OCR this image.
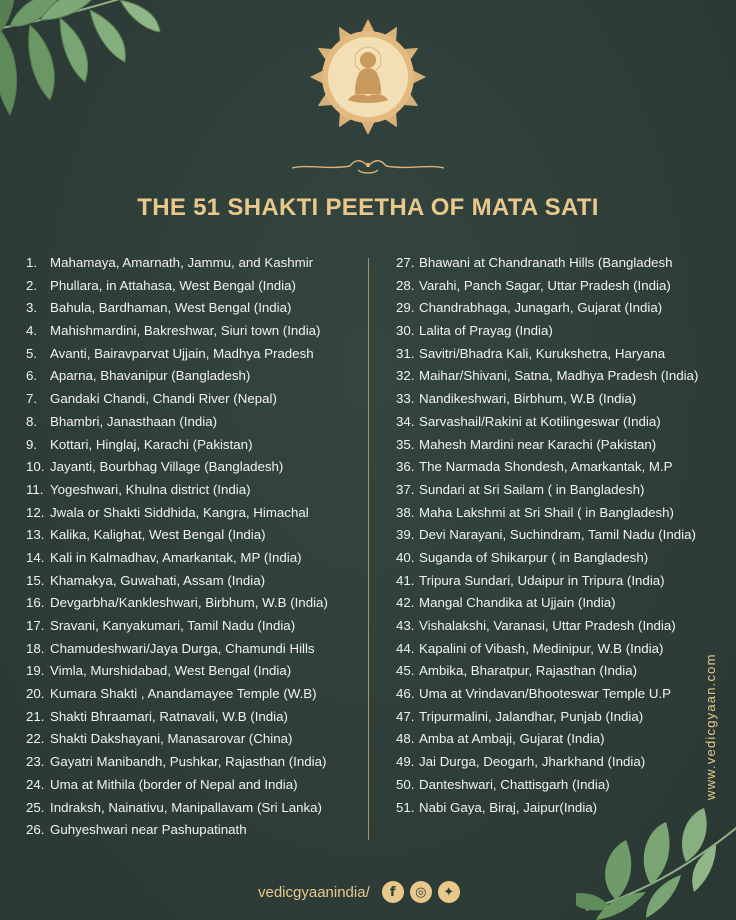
THE 51 SHAKTI PEETHA OF MATA SATI
1. Mahamaya, Amarnath, Jammu, and Kashmir
2. Phullara, in Attahasa, West Bengal (India)
3. Bahula, Bardhaman, West Bengal (India)
4. Mahishmardini, Bakreshwar, Siuri town (India)
5. Avanti, Bairavparvat Ujjain, Madhya Pradesh
6. Aparna, Bhavanipur (Bangladesh)
7. Gandaki Chandi, Chandi River (Nepal)
8. Bhambri, Janasthaan (India)
9. Kottari, Hinglaj, Karachi (Pakistan)
10. Jayanti, Bourbhag Village (Bangladesh)
11. Yogeshwari, Khulna district (India)
12. Jwala or Shakti Siddhida, Kangra, Himachal
13. Kalika, Kalighat, West Bengal (India)
14. Kali in Kalmadhav, Amarkantak, MP (India)
15. Khamakya, Guwahati, Assam (India)
16. Devgarbha/Kankleshwari, Birbhum, W.B (India)
17. Sravani, Kanyakumari, Tamil Nadu (India)
18. Chamudeshwari/Jaya Durga, Chamundi Hills
19. Vimla, Murshidabad, West Bengal (India)
20. Kumara Shakti , Anandamayee Temple (W.B)
21. Shakti Bhraamari, Ratnavali, W.B (India)
22. Shakti Dakshayani, Manasarovar (China)
23. Gayatri Manibandh, Pushkar, Rajasthan (India)
24. Uma at Mithila (border of Nepal and India)
25. Indraksh, Nainativu, Manipallavam (Sri Lanka)
26. Guhyeshwari near Pashupatinath
27. Bhawani at Chandranath Hills (Bangladesh
28. Varahi, Panch Sagar, Uttar Pradesh (India)
29. Chandrabhaga, Junagarh, Gujarat (India)
30. Lalita of Prayag (India)
31. Savitri/Bhadra Kali, Kurukshetra, Haryana
32. Maihar/Shivani, Satna, Madhya Pradesh (India)
33. Nandikeshwari, Birbhum, W.B (India)
34. Sarvashail/Rakini at Kotilingeswar (India)
35. Mahesh Mardini near Karachi (Pakistan)
36. The Narmada Shondesh, Amarkantak, M.P
37. Sundari at Sri Sailam ( in Bangladesh)
38. Maha Lakshmi at Sri Shail ( in Bangladesh)
39. Devi Narayani, Suchindram, Tamil Nadu (India)
40. Suganda of Shikarpur ( in Bangladesh)
41. Tripura Sundari, Udaipur in Tripura (India)
42. Mangal Chandika at Ujjain (India)
43. Vishalakshi, Varanasi, Uttar Pradesh (India)
44. Kapalini of Vibash, Medinipur, W.B (India)
45. Ambika, Bharatpur, Rajasthan (India)
46. Uma at Vrindavan/Bhooteswar Temple U.P
47. Tripurmalini, Jalandhar, Punjab (India)
48. Amba at Ambaji, Gujarat (India)
49. Jai Durga, Deogarh, Jharkhand (India)
50. Danteshwari, Chattisgarh (India)
51. Nabi Gaya, Biraj, Jaipur(India)
www.vedicgyaan.com
vedicgyaanindia/	f	◎	✦
